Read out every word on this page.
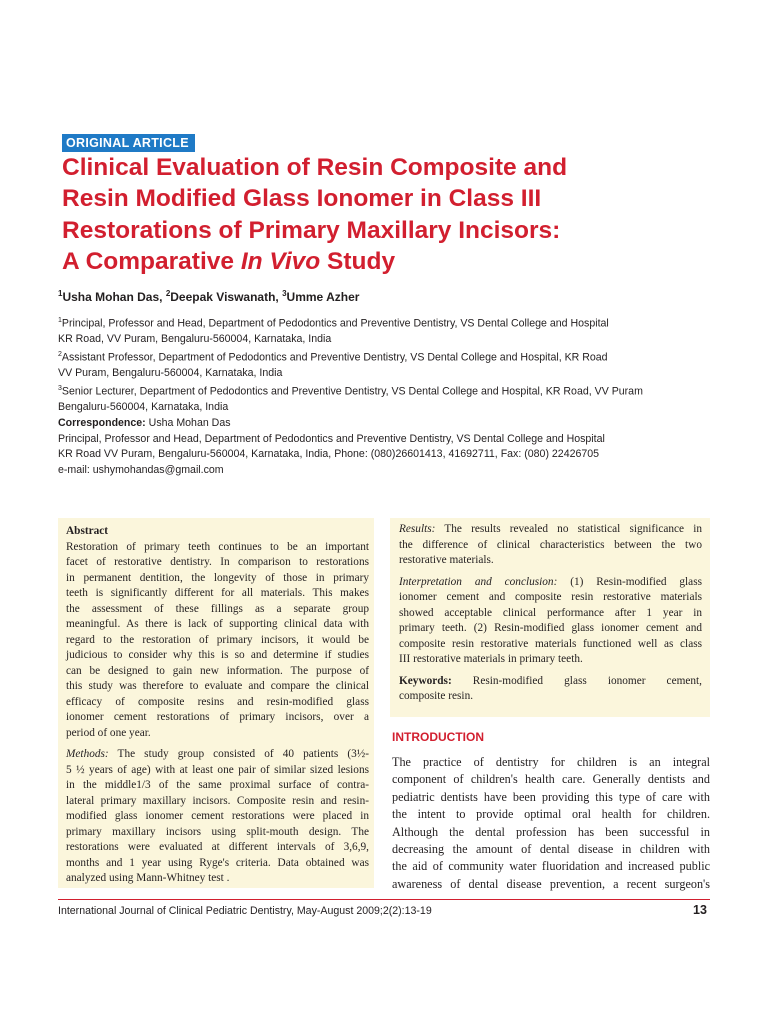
ORIGINAL ARTICLE
Clinical Evaluation of Resin Composite and
Resin Modified Glass Ionomer in Class III
Restorations of Primary Maxillary Incisors:
A Comparative In Vivo Study
$^1$Usha Mohan Das, $^2$Deepak Viswanath, $^3$Umme Azher
$^1$Principal, Professor and Head, Department of Pedodontics and Preventive Dentistry, VS Dental College and Hospital
KR Road, VV Puram, Bengaluru-560004, Karnataka, India
$^2$Assistant Professor, Department of Pedodontics and Preventive Dentistry, VS Dental College and Hospital, KR Road
VV Puram, Bengaluru-560004, Karnataka, India
$^3$Senior Lecturer, Department of Pedodontics and Preventive Dentistry, VS Dental College and Hospital, KR Road, VV Puram
Bengaluru-560004, Karnataka, India
Correspondence: Usha Mohan Das
Principal, Professor and Head, Department of Pedodontics and Preventive Dentistry, VS Dental College and Hospital
KR Road VV Puram, Bengaluru-560004, Karnataka, India, Phone: (080)26601413, 41692711, Fax: (080) 22426705
e-mail: ushymohandas@gmail.com
Abstract
Restoration of primary teeth continues to be an important
facet of restorative dentistry. In comparison to restorations
in permanent dentition, the longevity of those in primary
teeth is significantly different for all materials. This makes
the assessment of these fillings as a separate group
meaningful. As there is lack of supporting clinical data with
regard to the restoration of primary incisors, it would be
judicious to consider why this is so and determine if studies
can be designed to gain new information. The purpose of
this study was therefore to evaluate and compare the clinical
efficacy of composite resins and resin-modified glass
ionomer cement restorations of primary incisors, over a
period of one year.
Methods: The study group consisted of 40 patients (3½-
5 ½ years of age) with at least one pair of similar sized lesions
in the middle1/3 of the same proximal surface of contra-
lateral primary maxillary incisors. Composite resin and resin-
modified glass ionomer cement restorations were placed in
primary maxillary incisors using split-mouth design. The
restorations were evaluated at different intervals of 3,6,9,
months and 1 year using Ryge's criteria. Data obtained was
analyzed using Mann-Whitney test .
Results: The results revealed no statistical significance in
the difference of clinical characteristics between the two
restorative materials.
Interpretation and conclusion: (1) Resin-modified glass
ionomer cement and composite resin restorative materials
showed acceptable clinical performance after 1 year in
primary teeth. (2) Resin-modified glass ionomer cement and
composite resin restorative materials functioned well as class
III restorative materials in primary teeth.
Keywords: Resin-modified glass ionomer cement,
composite resin.
INTRODUCTION
The practice of dentistry for children is an integral
component of children's health care. Generally dentists and
pediatric dentists have been providing this type of care with
the intent to provide optimal oral health for children.
Although the dental profession has been successful in
decreasing the amount of dental disease in children with
the aid of community water fluoridation and increased public
awareness of dental disease prevention, a recent surgeon's
International Journal of Clinical Pediatric Dentistry, May-August 2009;2(2):13-19	13
